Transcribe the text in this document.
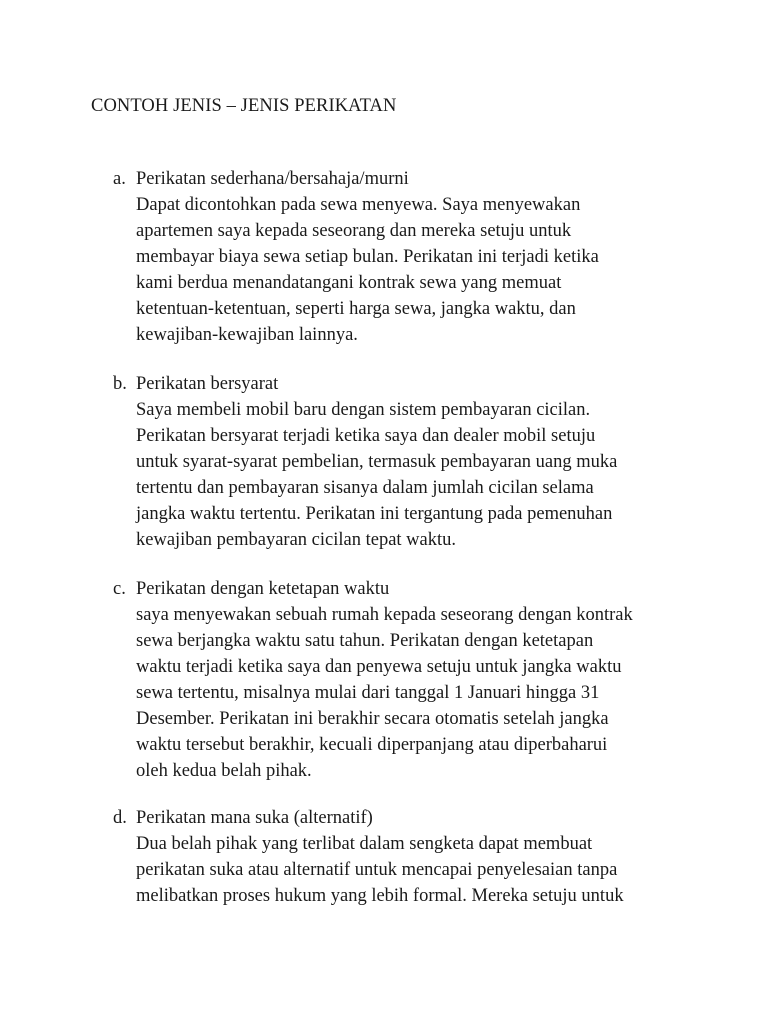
CONTOH JENIS – JENIS PERIKATAN
a. Perikatan sederhana/bersahaja/murni
Dapat dicontohkan pada sewa menyewa. Saya menyewakan
apartemen saya kepada seseorang dan mereka setuju untuk
membayar biaya sewa setiap bulan. Perikatan ini terjadi ketika
kami berdua menandatangani kontrak sewa yang memuat
ketentuan-ketentuan, seperti harga sewa, jangka waktu, dan
kewajiban-kewajiban lainnya.
b. Perikatan bersyarat
Saya membeli mobil baru dengan sistem pembayaran cicilan.
Perikatan bersyarat terjadi ketika saya dan dealer mobil setuju
untuk syarat-syarat pembelian, termasuk pembayaran uang muka
tertentu dan pembayaran sisanya dalam jumlah cicilan selama
jangka waktu tertentu. Perikatan ini tergantung pada pemenuhan
kewajiban pembayaran cicilan tepat waktu.
c. Perikatan dengan ketetapan waktu
saya menyewakan sebuah rumah kepada seseorang dengan kontrak
sewa berjangka waktu satu tahun. Perikatan dengan ketetapan
waktu terjadi ketika saya dan penyewa setuju untuk jangka waktu
sewa tertentu, misalnya mulai dari tanggal 1 Januari hingga 31
Desember. Perikatan ini berakhir secara otomatis setelah jangka
waktu tersebut berakhir, kecuali diperpanjang atau diperbaharui
oleh kedua belah pihak.
d. Perikatan mana suka (alternatif)
Dua belah pihak yang terlibat dalam sengketa dapat membuat
perikatan suka atau alternatif untuk mencapai penyelesaian tanpa
melibatkan proses hukum yang lebih formal. Mereka setuju untuk
